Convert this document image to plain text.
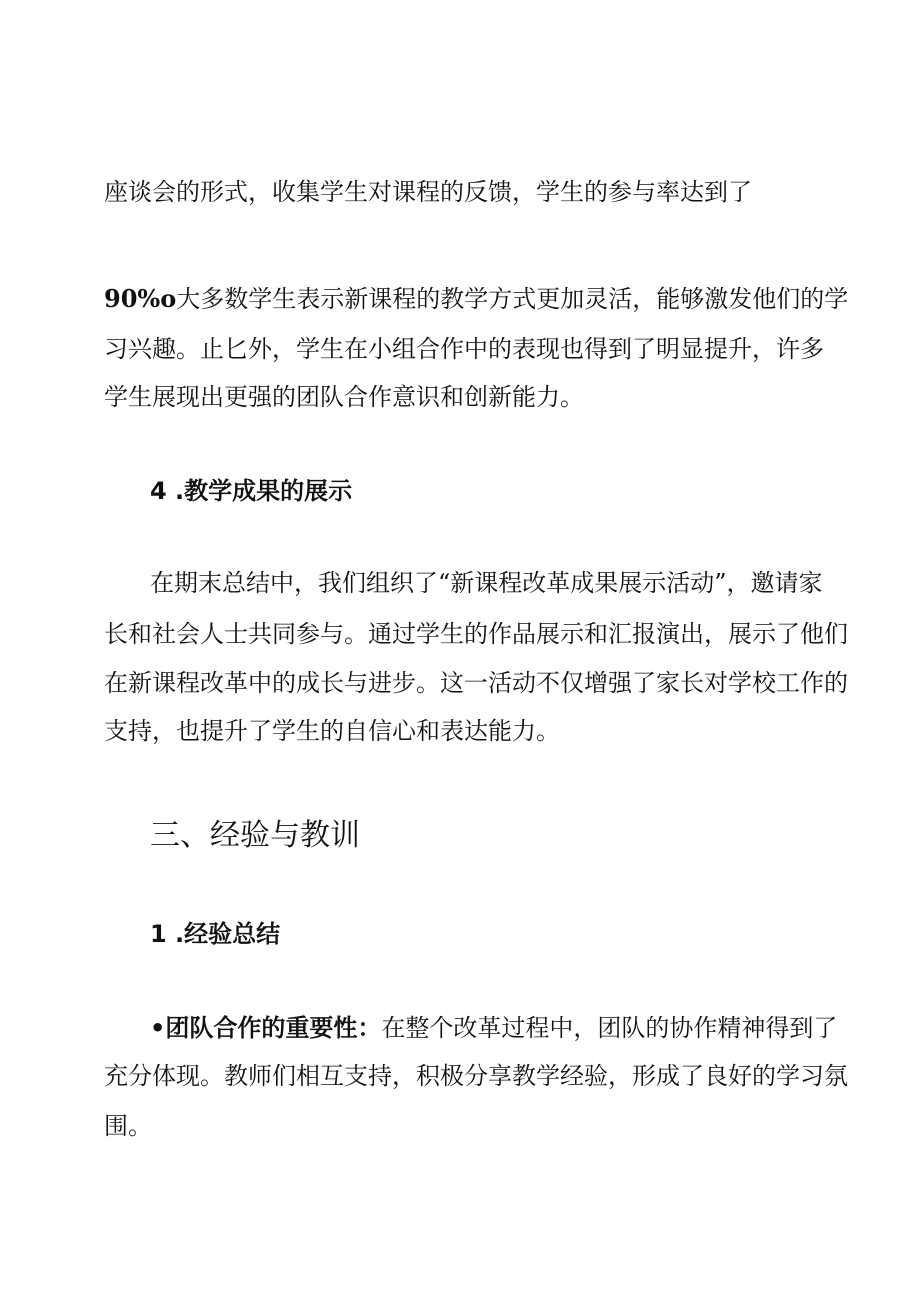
座谈会的形式，收集学生对课程的反馈，学生的参与率达到了
90%o大多数学生表示新课程的教学方式更加灵活，能够激发他们的学
习兴趣。止匕外，学生在小组合作中的表现也得到了明显提升，许多
学生展现出更强的团队合作意识和创新能力。
4 .教学成果的展示
在期末总结中，我们组织了“新课程改革成果展示活动”，邀请家
长和社会人士共同参与。通过学生的作品展示和汇报演出，展示了他们
在新课程改革中的成长与进步。这一活动不仅增强了家长对学校工作的
支持，也提升了学生的自信心和表达能力。
三、经验与教训
1 .经验总结
•团队合作的重要性：在整个改革过程中，团队的协作精神得到了
充分体现。教师们相互支持，积极分享教学经验，形成了良好的学习氛
围。
